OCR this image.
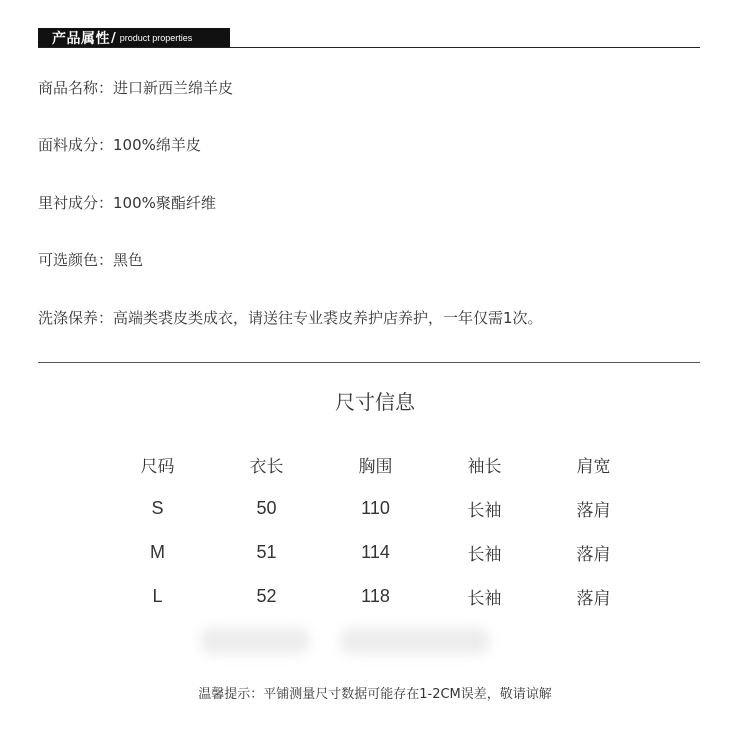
产品属性 / product properties
商品名称：进口新西兰绵羊皮
面料成分：100%绵羊皮
里衬成分：100%聚酯纤维
可选颜色：黑色
洗涤保养：高端类裘皮类成衣，请送往专业裘皮养护店养护，一年仅需1次。
尺寸信息
尺码	衣长	胸围	袖长	肩宽
S	50	110	长袖	落肩
M	51	114	长袖	落肩
L	52	118	长袖	落肩
温馨提示：平铺测量尺寸数据可能存在1-2CM误差，敬请谅解
